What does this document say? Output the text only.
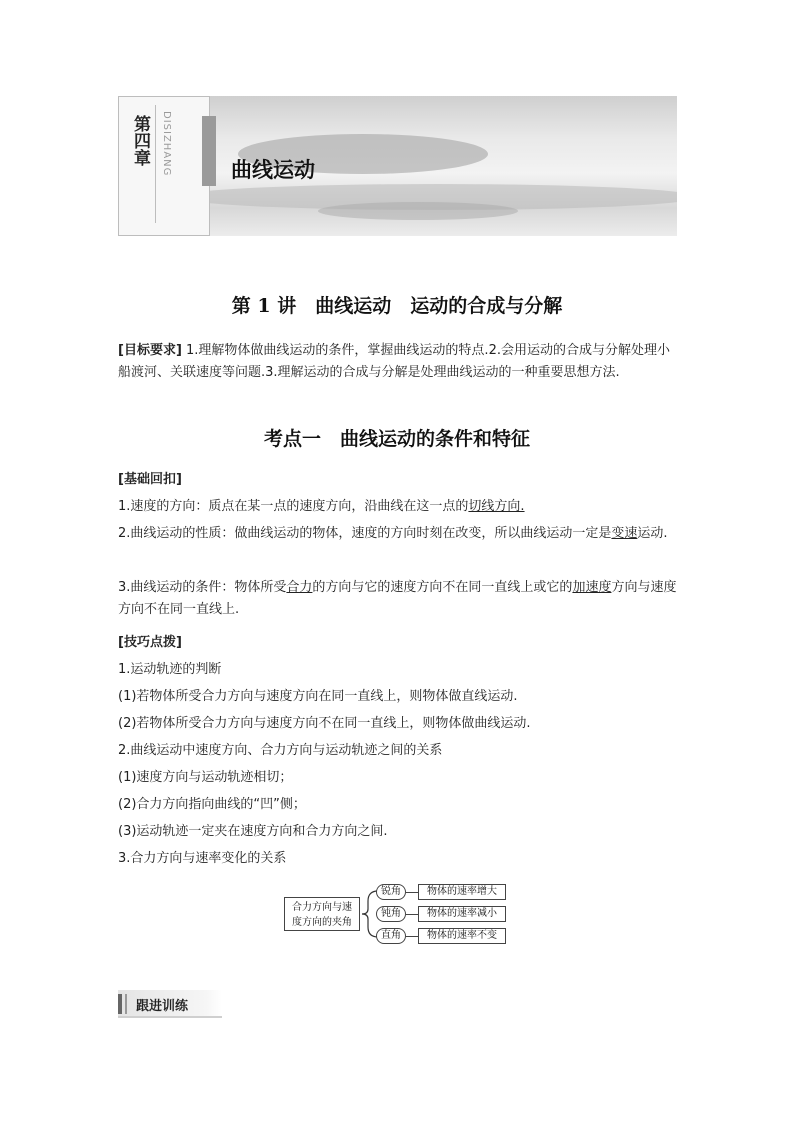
第四章 DISIZHANG	曲线运动
第 1 讲　曲线运动　运动的合成与分解
[目标要求] 1.理解物体做曲线运动的条件，掌握曲线运动的特点.2.会用运动的合成与分解处理小船渡河、关联速度等问题.3.理解运动的合成与分解是处理曲线运动的一种重要思想方法.
考点一　曲线运动的条件和特征
[基础回扣]
1.速度的方向：质点在某一点的速度方向，沿曲线在这一点的切线方向.
2.曲线运动的性质：做曲线运动的物体，速度的方向时刻在改变，所以曲线运动一定是变速运动.
3.曲线运动的条件：物体所受合力的方向与它的速度方向不在同一直线上或它的加速度方向与速度方向不在同一直线上.
[技巧点拨]
1.运动轨迹的判断
(1)若物体所受合力方向与速度方向在同一直线上，则物体做直线运动.
(2)若物体所受合力方向与速度方向不在同一直线上，则物体做曲线运动.
2.曲线运动中速度方向、合力方向与运动轨迹之间的关系
(1)速度方向与运动轨迹相切；
(2)合力方向指向曲线的“凹”侧；
(3)运动轨迹一定夹在速度方向和合力方向之间.
3.合力方向与速率变化的关系
合力方向与速
度方向的夹角
锐角	物体的速率增大
钝角	物体的速率减小
直角	物体的速率不变
跟进训练
